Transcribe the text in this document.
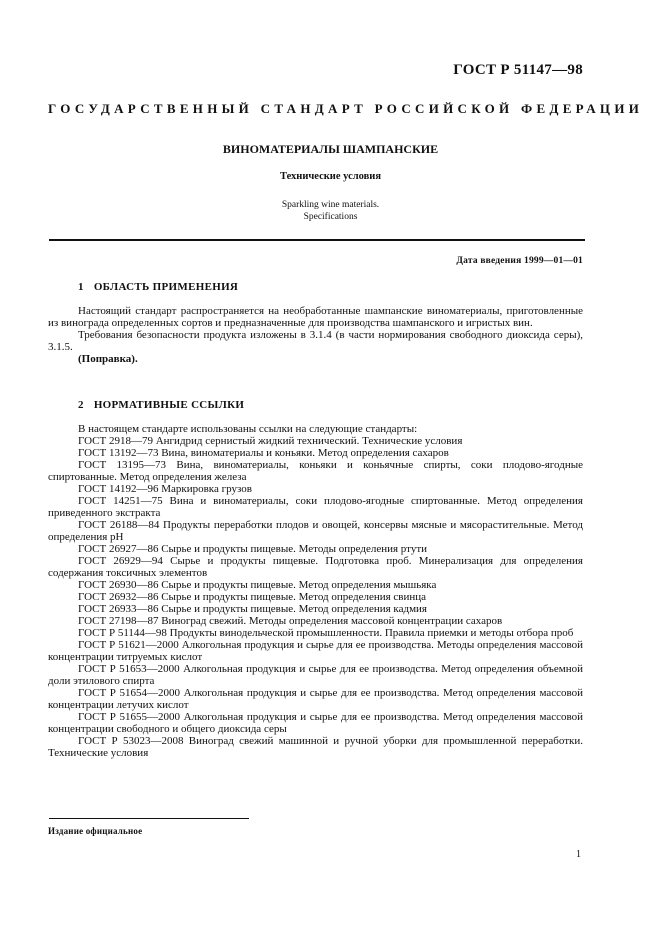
ГОСТ Р 51147—98
ГОСУДАРСТВЕННЫЙ СТАНДАРТ РОССИЙСКОЙ ФЕДЕРАЦИИ
ВИНОМАТЕРИАЛЫ ШАМПАНСКИЕ
Технические условия
Sparkling wine materials.
Specifications
Дата введения 1999—01—01
1 ОБЛАСТЬ ПРИМЕНЕНИЯ

Настоящий стандарт распространяется на необработанные шампанские виноматериалы, приготовленные из винограда определенных сортов и предназначенные для производства шампанского и игристых вин.

Требования безопасности продукта изложены в 3.1.4 (в части нормирования свободного диоксида серы), 3.1.5.

(Поправка).

2 НОРМАТИВНЫЕ ССЫЛКИ

В настоящем стандарте использованы ссылки на следующие стандарты:

ГОСТ 2918—79 Ангидрид сернистый жидкий технический. Технические условия

ГОСТ 13192—73 Вина, виноматериалы и коньяки. Метод определения сахаров

ГОСТ 13195—73 Вина, виноматериалы, коньяки и коньячные спирты, соки плодово-ягодные спиртованные. Метод определения железа

ГОСТ 14192—96 Маркировка грузов

ГОСТ 14251—75 Вина и виноматериалы, соки плодово-ягодные спиртованные. Метод определения приведенного экстракта

ГОСТ 26188—84 Продукты переработки плодов и овощей, консервы мясные и мясорастительные. Метод определения pH

ГОСТ 26927—86 Сырье и продукты пищевые. Методы определения ртути

ГОСТ 26929—94 Сырье и продукты пищевые. Подготовка проб. Минерализация для определения содержания токсичных элементов

ГОСТ 26930—86 Сырье и продукты пищевые. Метод определения мышьяка

ГОСТ 26932—86 Сырье и продукты пищевые. Метод определения свинца

ГОСТ 26933—86 Сырье и продукты пищевые. Метод определения кадмия

ГОСТ 27198—87 Виноград свежий. Методы определения массовой концентрации сахаров

ГОСТ Р 51144—98 Продукты винодельческой промышленности. Правила приемки и методы отбора проб

ГОСТ Р 51621—2000 Алкогольная продукция и сырье для ее производства. Методы определения массовой концентрации титруемых кислот

ГОСТ Р 51653—2000 Алкогольная продукция и сырье для ее производства. Метод определения объемной доли этилового спирта

ГОСТ Р 51654—2000 Алкогольная продукция и сырье для ее производства. Метод определения массовой концентрации летучих кислот

ГОСТ Р 51655—2000 Алкогольная продукция и сырье для ее производства. Метод определения массовой концентрации свободного и общего диоксида серы

ГОСТ Р 53023—2008 Виноград свежий машинной и ручной уборки для промышленной переработки. Технические условия

Издание официальное
1
